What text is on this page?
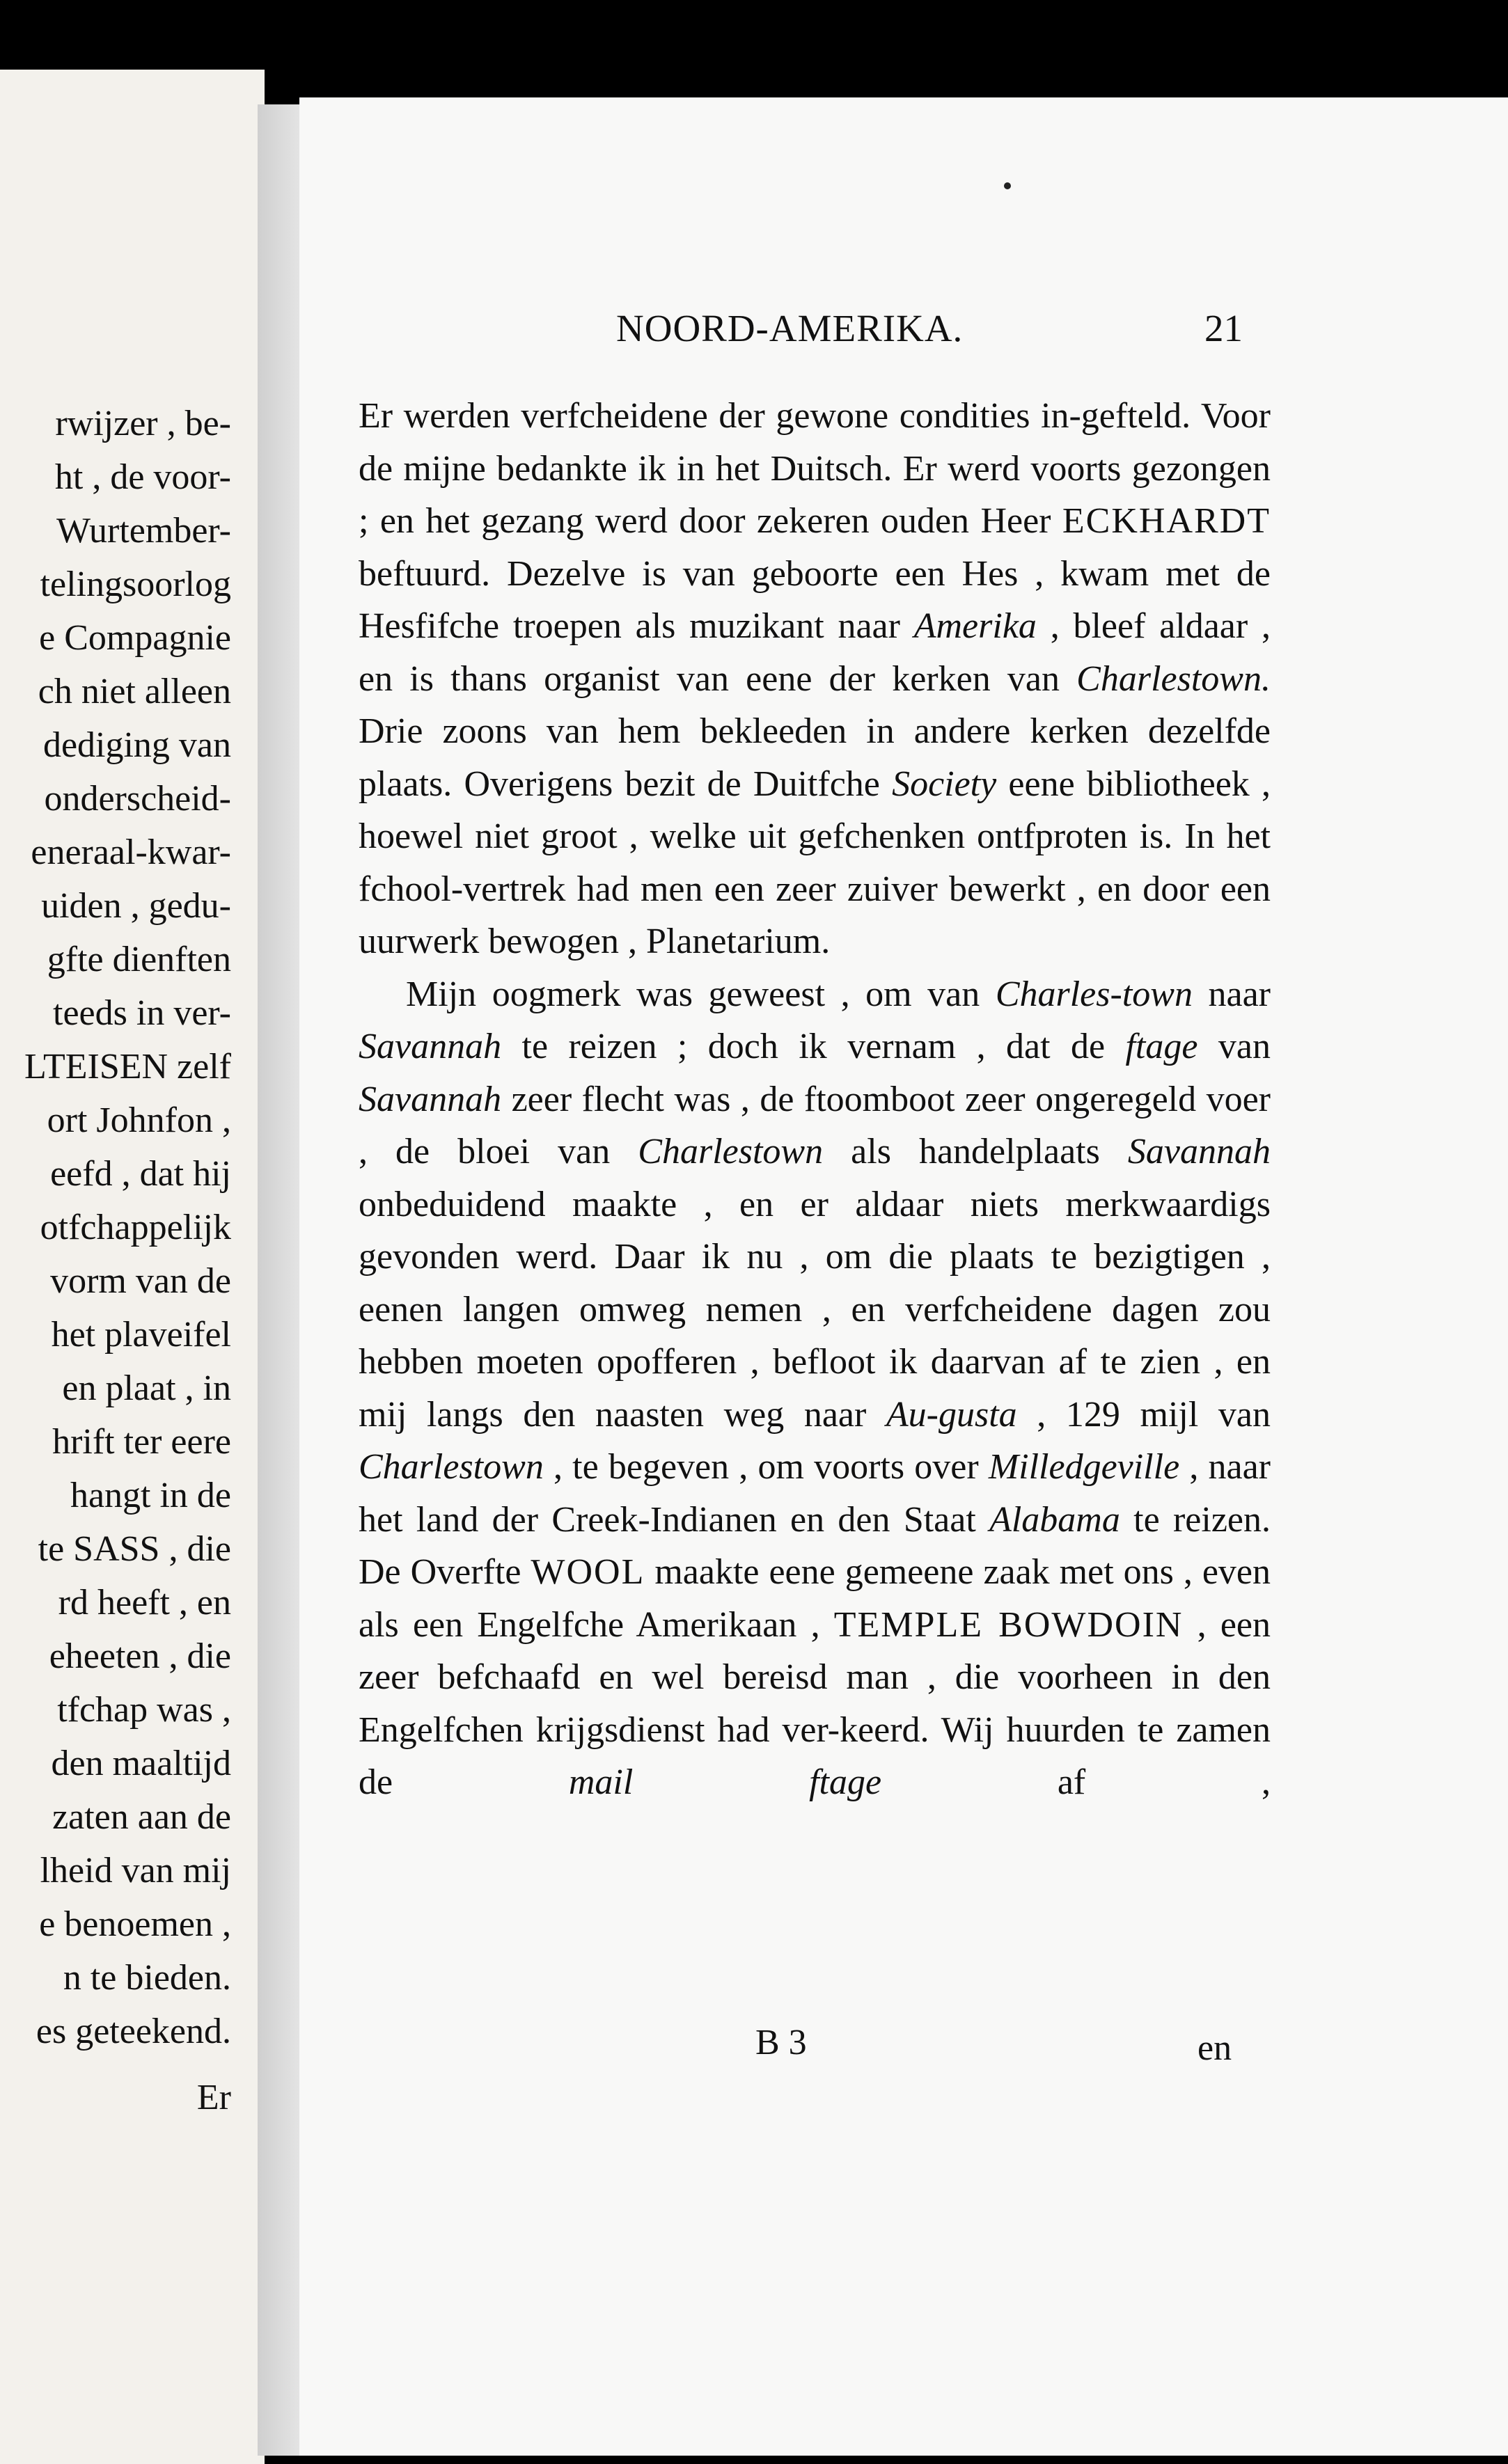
rwijzer , be-
ht , de voor-
Wurtember-
telingsoorlog
e Compagnie
ch niet alleen
dediging van
onderscheid-
eneraal-kwar-
uiden , gedu-
gfte dienften
teeds in ver-
LTEISEN zelf
ort Johnfon ,
eefd , dat hij
otfchappelijk
vorm van de
het plaveifel
en plaat , in
hrift ter eere
hangt in de
te SASS , die
rd heeft , en
eheeten , die
tfchap was ,
den maaltijd
zaten aan de
lheid van mij
e benoemen ,
n te bieden.
es geteekend.
Er
NOORD-AMERIKA.	21

Er werden verfcheidene der gewone condities in-gefteld. Voor de mijne bedankte ik in het Duitsch. Er werd voorts gezongen ; en het gezang werd door zekeren ouden Heer ECKHARDT beftuurd. Dezelve is van geboorte een Hes , kwam met de Hesfifche troepen als muzikant naar Amerika , bleef aldaar , en is thans organist van eene der kerken van Charlestown. Drie zoons van hem bekleeden in andere kerken dezelfde plaats. Overigens bezit de Duitfche Society eene bibliotheek , hoewel niet groot , welke uit gefchenken ontfproten is. In het fchool-vertrek had men een zeer zuiver bewerkt , en door een uurwerk bewogen , Planetarium.

Mijn oogmerk was geweest , om van Charles-town naar Savannah te reizen ; doch ik vernam , dat de ftage van Savannah zeer flecht was , de ftoomboot zeer ongeregeld voer , de bloei van Charlestown als handelplaats Savannah onbeduidend maakte , en er aldaar niets merkwaardigs gevonden werd. Daar ik nu , om die plaats te bezigtigen , eenen langen omweg nemen , en verfcheidene dagen zou hebben moeten opofferen , befloot ik daarvan af te zien , en mij langs den naasten weg naar Au-gusta , 129 mijl van Charlestown , te begeven , om voorts over Milledgeville , naar het land der Creek-Indianen en den Staat Alabama te reizen. De Overfte WOOL maakte eene gemeene zaak met ons , even als een Engelfche Amerikaan , TEMPLE BOWDOIN , een zeer befchaafd en wel bereisd man , die voorheen in den Engelfchen krijgsdienst had ver-keerd. Wij huurden te zamen de mail ftage af ,

B 3	en
